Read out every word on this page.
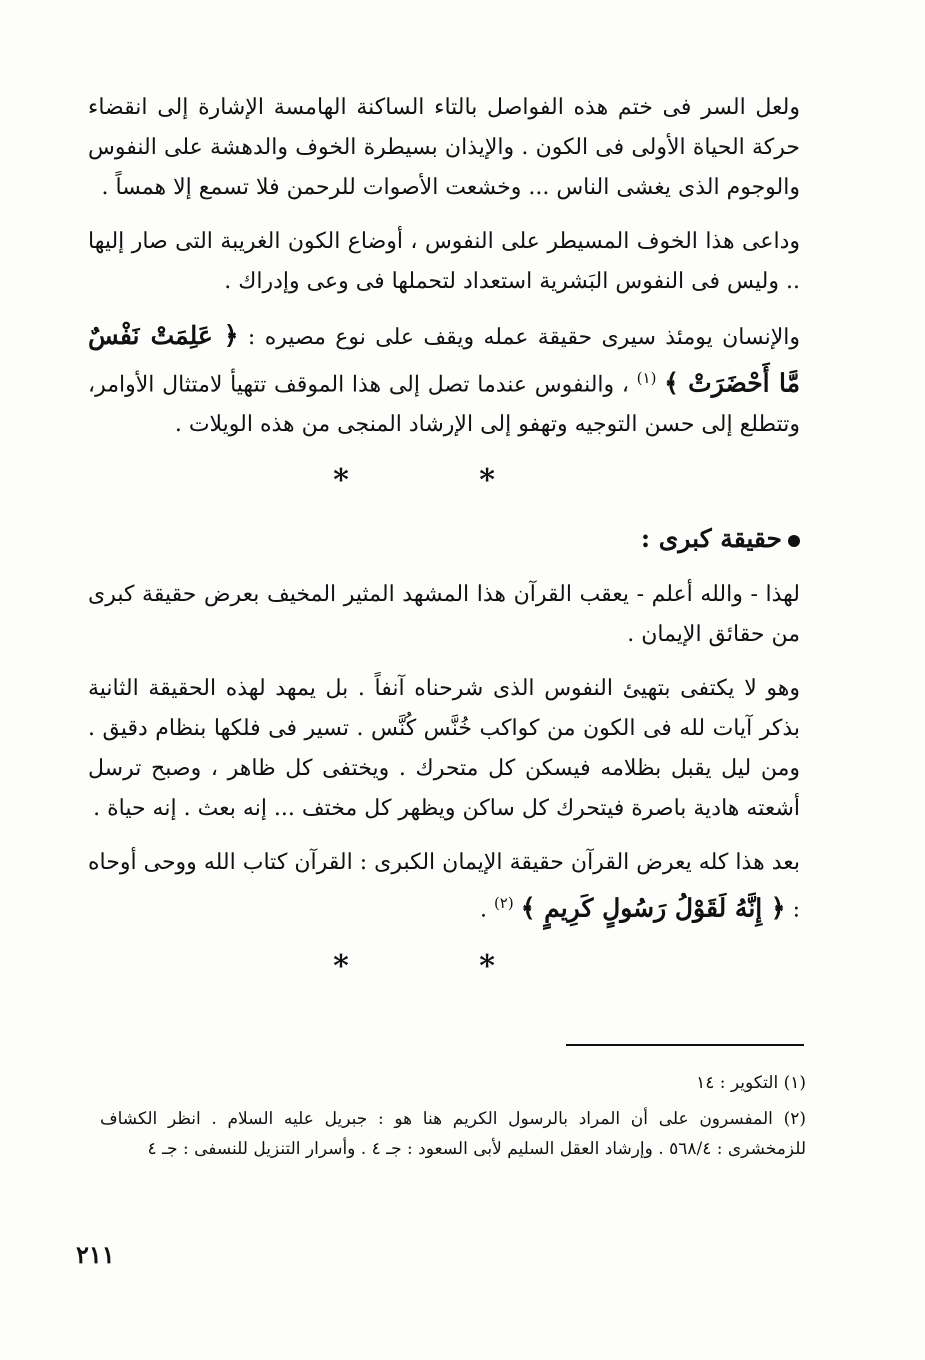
ولعل السر فى ختم هذه الفواصل بالتاء الساكنة الهامسة الإشارة إلى انقضاء حركة الحياة الأولى فى الكون . والإيذان بسيطرة الخوف والدهشة على النفوس والوجوم الذى يغشى الناس ... وخشعت الأصوات للرحمن فلا تسمع إلا همساً .

وداعى هذا الخوف المسيطر على النفوس ، أوضاع الكون الغريبة التى صار إليها .. وليس فى النفوس البَشرية استعداد لتحملها فى وعى وإدراك .

والإنسان يومئذ سيرى حقيقة عمله ويقف على نوع مصيره : ﴿ عَلِمَتْ نَفْسٌ مَّا أَحْضَرَتْ ﴾ $^{(١)}$ ، والنفوس عندما تصل إلى هذا الموقف تتهيأ لامتثال الأوامر، وتتطلع إلى حسن التوجيه وتهفو إلى الإرشاد المنجى من هذه الويلات .

* *
حقيقة كبرى :

لهذا - والله أعلم - يعقب القرآن هذا المشهد المثير المخيف بعرض حقيقة كبرى من حقائق الإيمان .

وهو لا يكتفى بتهيئ النفوس الذى شرحناه آنفاً . بل يمهد لهذه الحقيقة الثانية بذكر آيات لله فى الكون من كواكب خُنَّس كُنَّس . تسير فى فلكها بنظام دقيق . ومن ليل يقبل بظلامه فيسكن كل متحرك . ويختفى كل ظاهر ، وصبح ترسل أشعته هادية باصرة فيتحرك كل ساكن ويظهر كل مختف ... إنه بعث . إنه حياة .

بعد هذا كله يعرض القرآن حقيقة الإيمان الكبرى : القرآن كتاب الله ووحى أوحاه : ﴿ إِنَّهُ لَقَوْلُ رَسُولٍ كَرِيمٍ ﴾ $^{(٢)}$ .

* *

(١) التكوير : ١٤

(٢) المفسرون على أن المراد بالرسول الكريم هنا هو : جبريل عليه السلام . انظر الكشاف للزمخشرى : ٥٦٨/٤ . وإرشاد العقل السليم لأبى السعود : جـ ٤ . وأسرار التنزيل للنسفى : جـ ٤

٢١١
